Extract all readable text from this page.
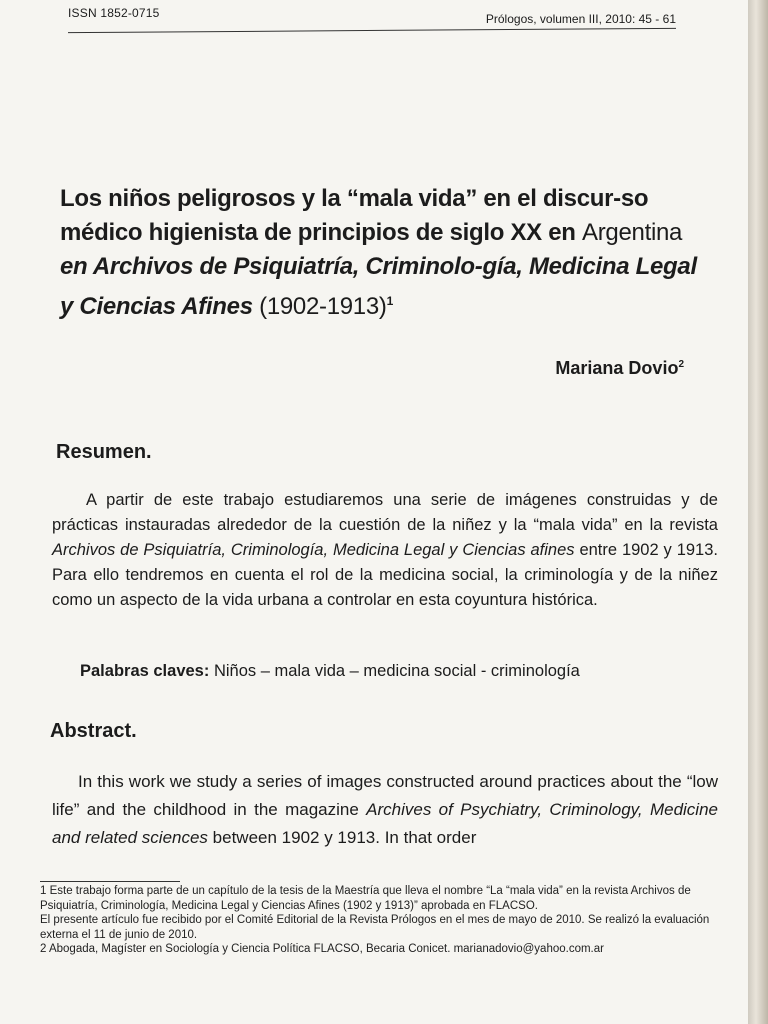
ISSN 1852-0715	Prólogos, volumen III, 2010: 45 - 61
Los niños peligrosos y la “mala vida” en el discur-so médico higienista de principios de siglo XX en Argentina en Archivos de Psiquiatría, Criminolo-gía, Medicina Legal y Ciencias Afines (1902-1913)$^1$
Mariana Dovio$^2$
Resumen.
A partir de este trabajo estudiaremos una serie de imágenes construidas y de prácticas instauradas alrededor de la cuestión de la niñez y la “mala vida” en la revista Archivos de Psiquiatría, Criminología, Medicina Legal y Ciencias afines entre 1902 y 1913. Para ello tendremos en cuenta el rol de la medicina social, la criminología y de la niñez como un aspecto de la vida urbana a controlar en esta coyuntura histórica.
Palabras claves: Niños – mala vida – medicina social - criminología
Abstract.
In this work we study a series of images constructed around practices about the “low life” and the childhood in the magazine Archives of Psychiatry, Criminology, Medicine and related sciences between 1902 y 1913. In that order

1 Este trabajo forma parte de un capítulo de la tesis de la Maestría que lleva el nombre “La “mala vida” en la revista Archivos de Psiquiatría, Criminología, Medicina Legal y Ciencias Afines (1902 y 1913)” aprobada en FLACSO.

El presente artículo fue recibido por el Comité Editorial de la Revista Prólogos en el mes de mayo de 2010. Se realizó la evaluación externa el 11 de junio de 2010.

2 Abogada, Magíster en Sociología y Ciencia Política FLACSO, Becaria Conicet. marianadovio@yahoo.com.ar
